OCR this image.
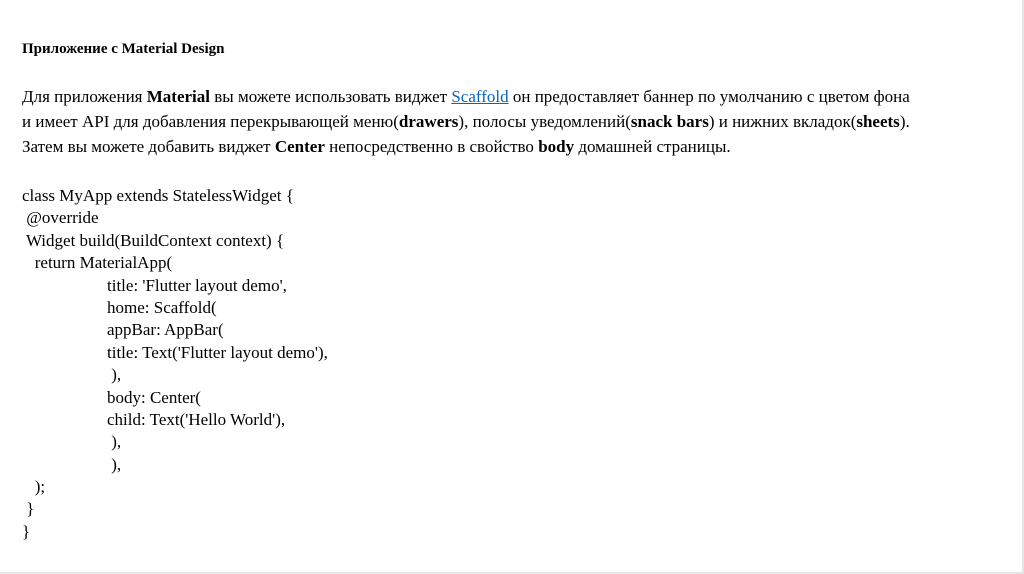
Приложение с Material Design
Для приложения Material вы можете использовать виджет Scaffold он предоставляет баннер по умолчанию с цветом фона
и имеет API для добавления перекрывающей меню(drawers), полосы уведомлений(snack bars) и нижних вкладок(sheets).
Затем вы можете добавить виджет Center непосредственно в свойство body домашней страницы.
class MyApp extends StatelessWidget {
@override
Widget build(BuildContext context) {
return MaterialApp(
title: 'Flutter layout demo',
home: Scaffold(
appBar: AppBar(
title: Text('Flutter layout demo'),
),
body: Center(
child: Text('Hello World'),
),
),
);
}
}
